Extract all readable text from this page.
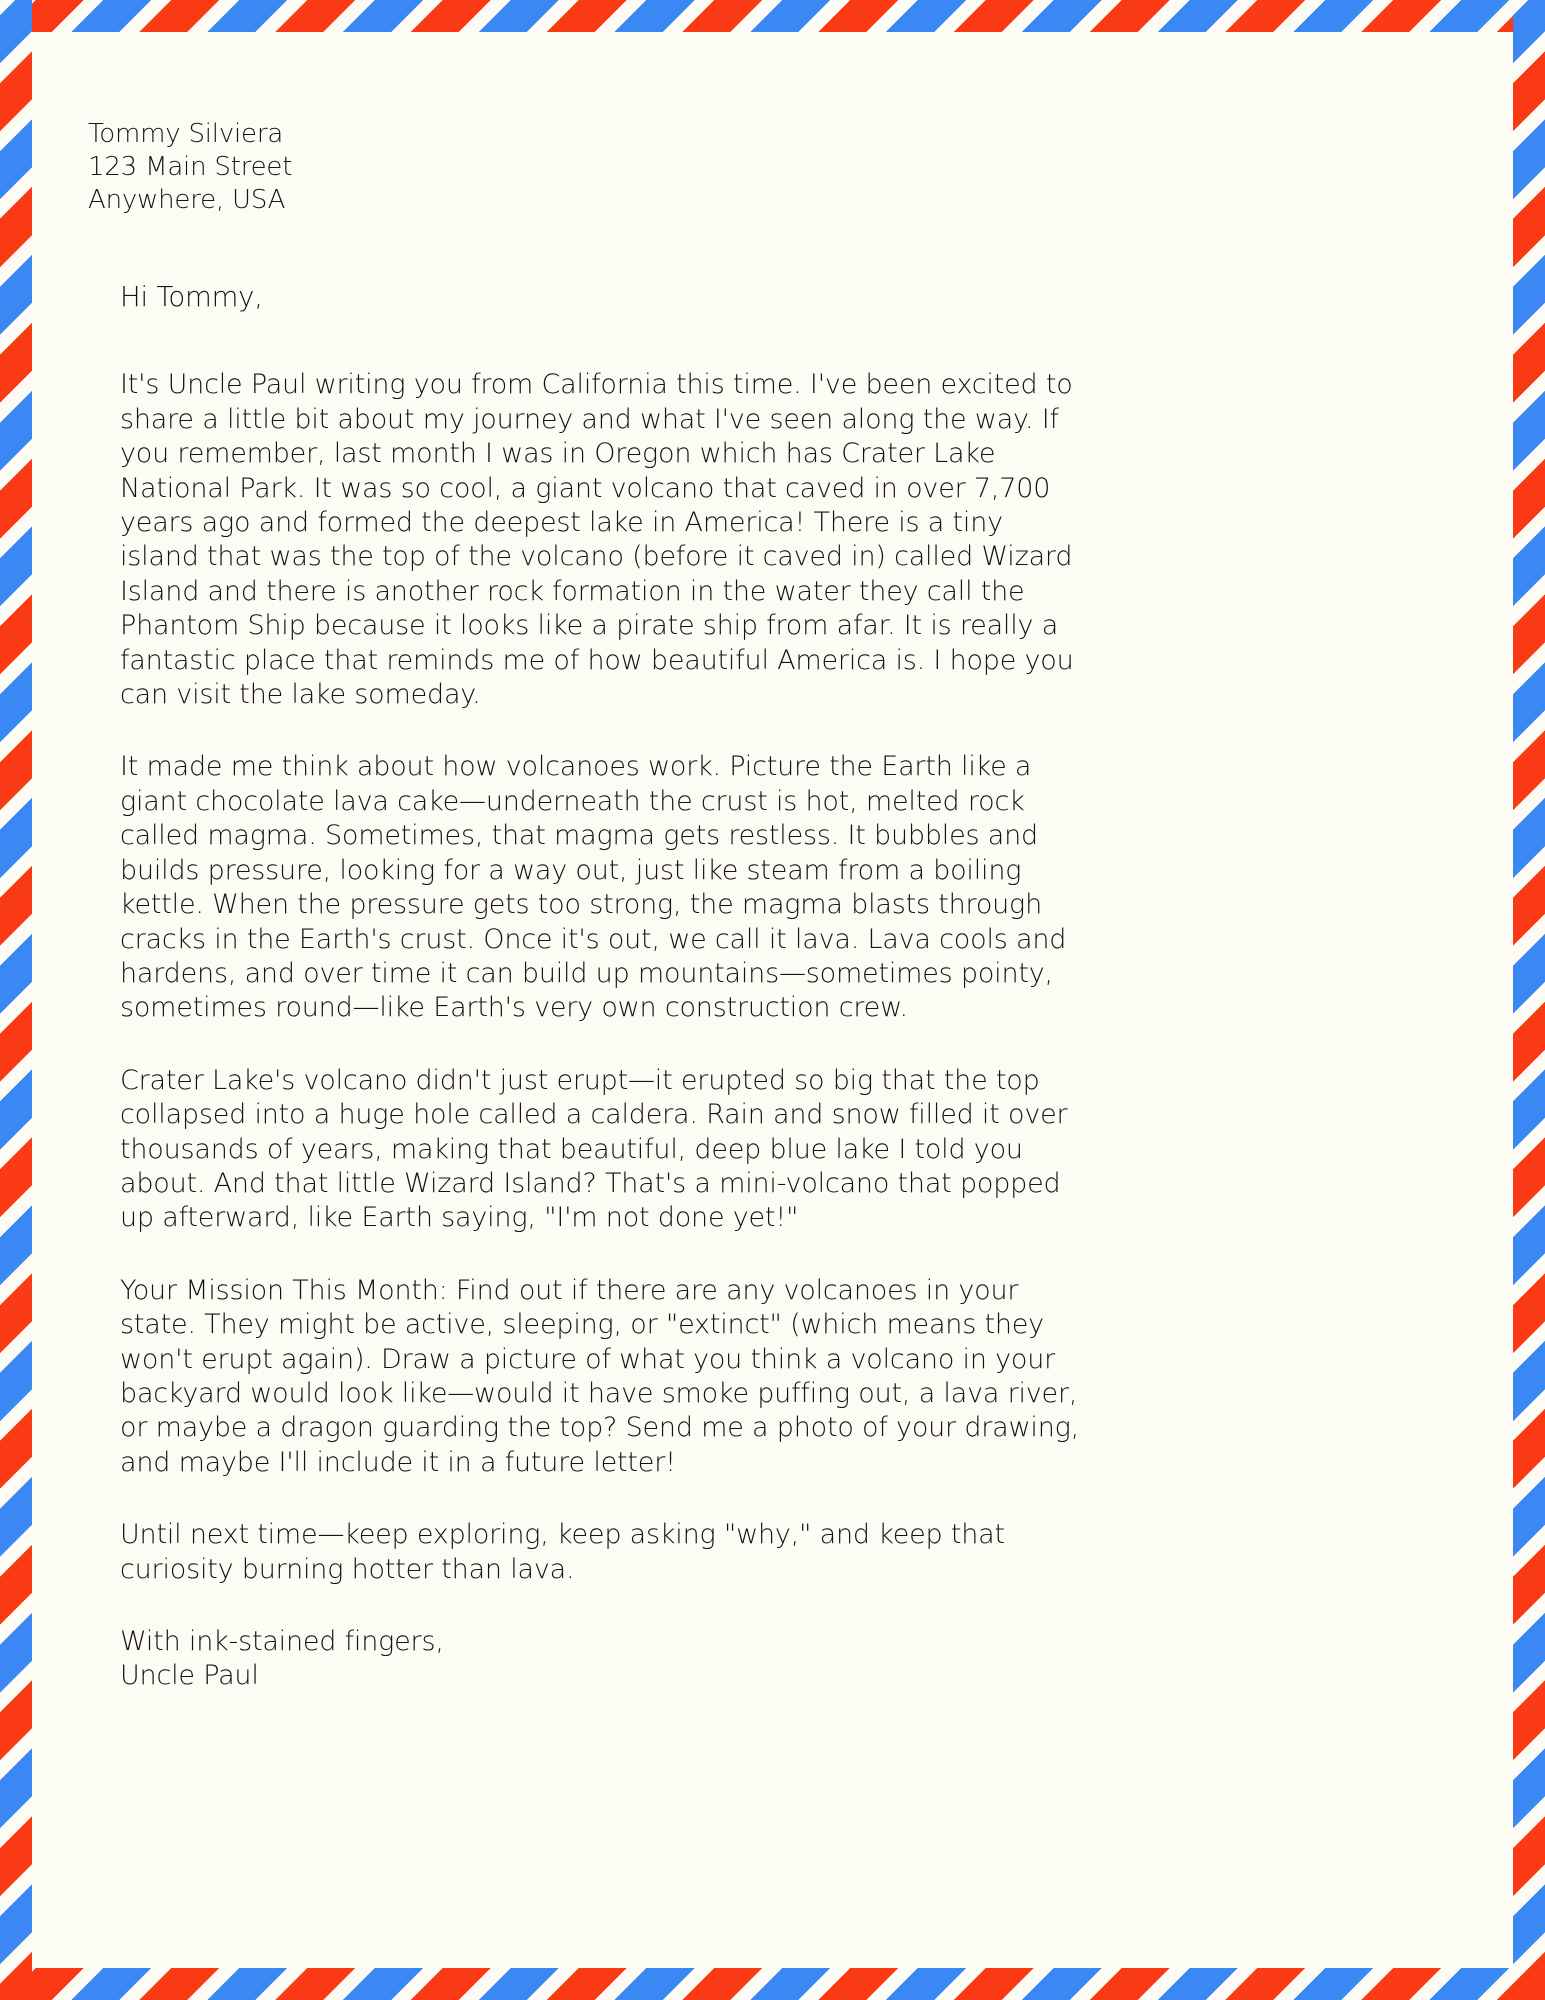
Tommy Silviera
123 Main Street
Anywhere, USA

Hi Tommy,

It's Uncle Paul writing you from California this time. I've been excited to share a little bit about my journey and what I've seen along the way. If you remember, last month I was in Oregon which has Crater Lake National Park. It was so cool, a giant volcano that caved in over 7,700 years ago and formed the deepest lake in America! There is a tiny island that was the top of the volcano (before it caved in) called Wizard Island and there is another rock formation in the water they call the Phantom Ship because it looks like a pirate ship from afar. It is really a fantastic place that reminds me of how beautiful America is. I hope you can visit the lake someday.

It made me think about how volcanoes work. Picture the Earth like a giant chocolate lava cake—underneath the crust is hot, melted rock called magma. Sometimes, that magma gets restless. It bubbles and builds pressure, looking for a way out, just like steam from a boiling kettle. When the pressure gets too strong, the magma blasts through cracks in the Earth's crust. Once it's out, we call it lava. Lava cools and hardens, and over time it can build up mountains—sometimes pointy, sometimes round—like Earth's very own construction crew.

Crater Lake's volcano didn't just erupt—it erupted so big that the top collapsed into a huge hole called a caldera. Rain and snow filled it over thousands of years, making that beautiful, deep blue lake I told you about. And that little Wizard Island? That's a mini-volcano that popped up afterward, like Earth saying, "I'm not done yet!"

Your Mission This Month: Find out if there are any volcanoes in your state. They might be active, sleeping, or "extinct" (which means they won't erupt again). Draw a picture of what you think a volcano in your backyard would look like—would it have smoke puffing out, a lava river, or maybe a dragon guarding the top? Send me a photo of your drawing, and maybe I'll include it in a future letter!

Until next time—keep exploring, keep asking "why," and keep that curiosity burning hotter than lava.

With ink-stained fingers,
Uncle Paul
